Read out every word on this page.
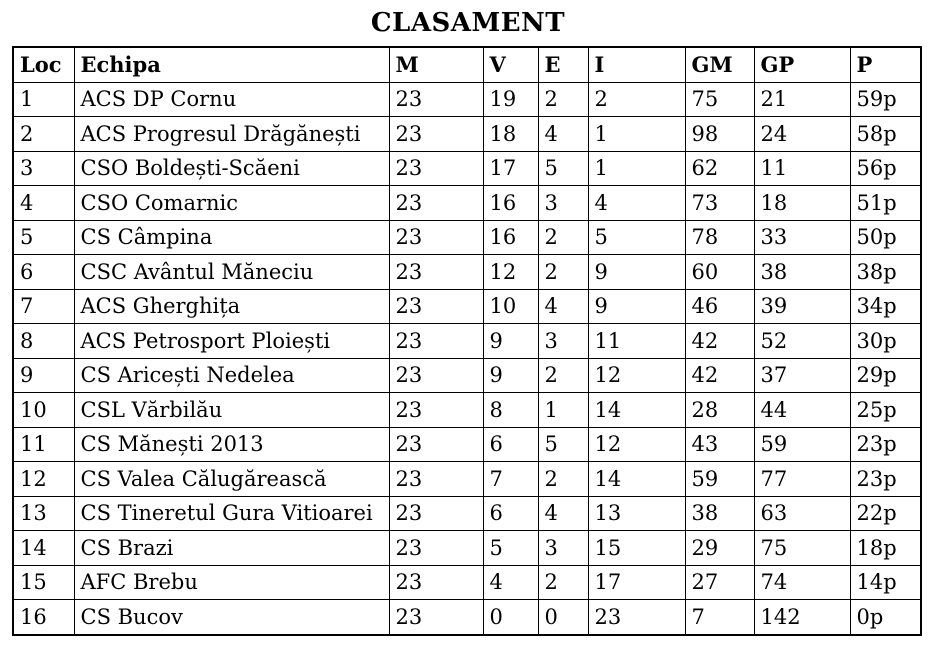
CLASAMENT
Loc	Echipa	M	V	E	I	GM	GP	P
1	ACS DP Cornu	23	19	2	2	75	21	59p
2	ACS Progresul Drăgănești	23	18	4	1	98	24	58p
3	CSO Boldești-Scăeni	23	17	5	1	62	11	56p
4	CSO Comarnic	23	16	3	4	73	18	51p
5	CS Câmpina	23	16	2	5	78	33	50p
6	CSC Avântul Măneciu	23	12	2	9	60	38	38p
7	ACS Gherghița	23	10	4	9	46	39	34p
8	ACS Petrosport Ploiești	23	9	3	11	42	52	30p
9	CS Aricești Nedelea	23	9	2	12	42	37	29p
10	CSL Vărbilău	23	8	1	14	28	44	25p
11	CS Mănești 2013	23	6	5	12	43	59	23p
12	CS Valea Călugărească	23	7	2	14	59	77	23p
13	CS Tineretul Gura Vitioarei	23	6	4	13	38	63	22p
14	CS Brazi	23	5	3	15	29	75	18p
15	AFC Brebu	23	4	2	17	27	74	14p
16	CS Bucov	23	0	0	23	7	142	0p
